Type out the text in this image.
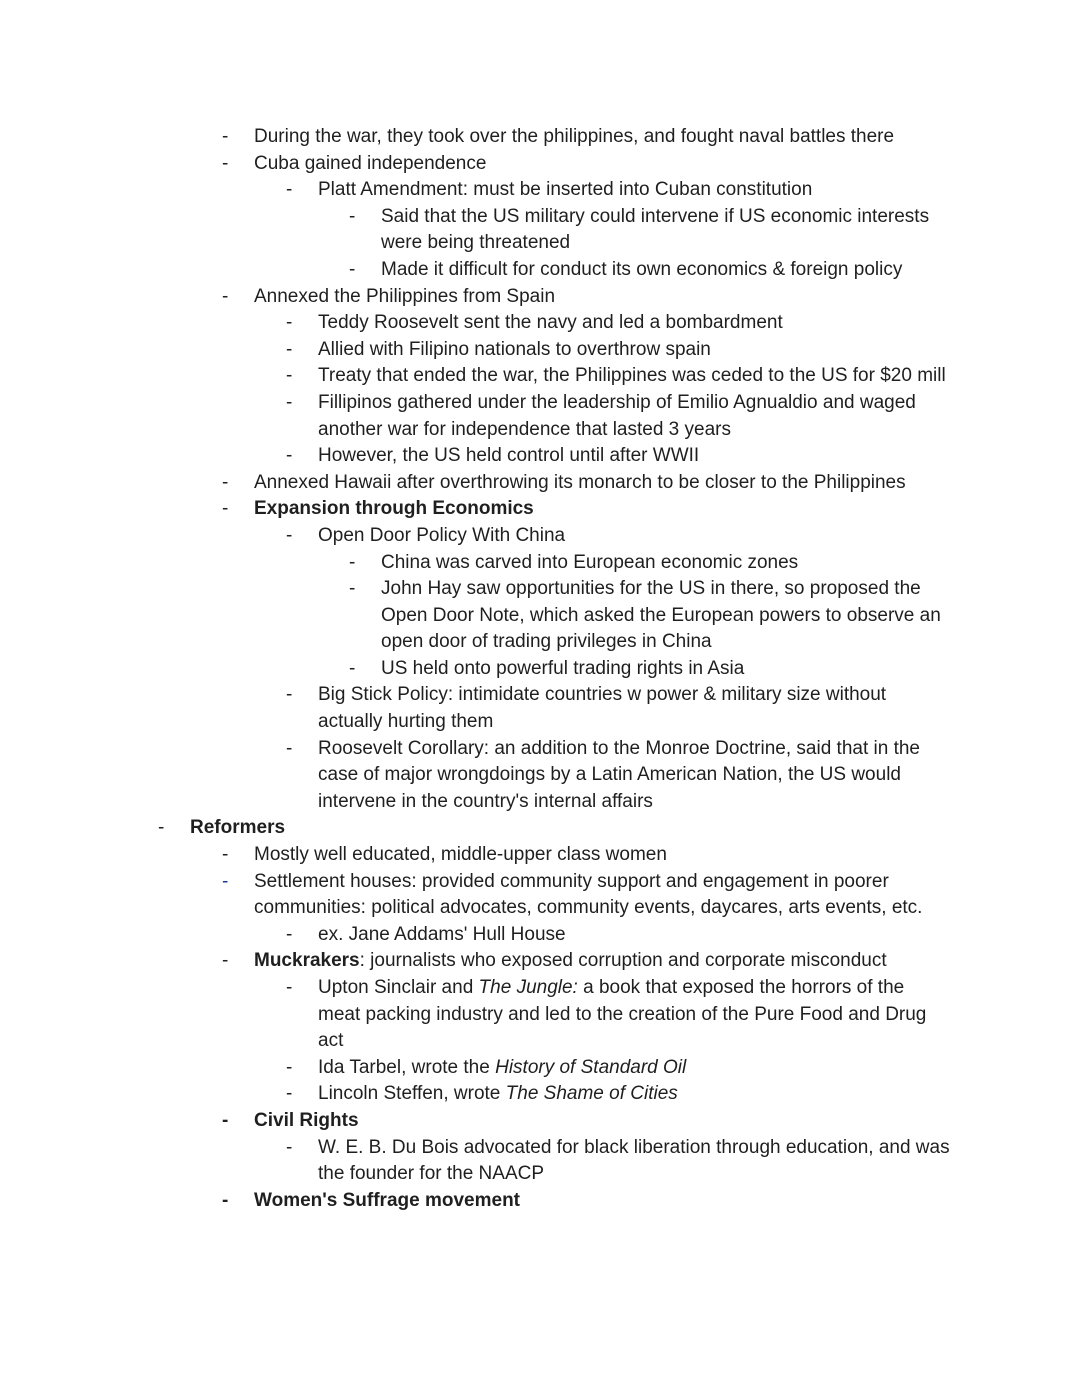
- During the war, they took over the philippines, and fought naval battles there
- Cuba gained independence
- Platt Amendment: must be inserted into Cuban constitution
- Said that the US military could intervene if US economic interests were being threatened
- Made it difficult for conduct its own economics & foreign policy
- Annexed the Philippines from Spain
- Teddy Roosevelt sent the navy and led a bombardment
- Allied with Filipino nationals to overthrow spain
- Treaty that ended the war, the Philippines was ceded to the US for $20 mill
- Fillipinos gathered under the leadership of Emilio Agnualdio and waged another war for independence that lasted 3 years
- However, the US held control until after WWII
- Annexed Hawaii after overthrowing its monarch to be closer to the Philippines
- Expansion through Economics
- Open Door Policy With China
- China was carved into European economic zones
- John Hay saw opportunities for the US in there, so proposed the Open Door Note, which asked the European powers to observe an open door of trading privileges in China
- US held onto powerful trading rights in Asia
- Big Stick Policy: intimidate countries w power & military size without actually hurting them
- Roosevelt Corollary: an addition to the Monroe Doctrine, said that in the case of major wrongdoings by a Latin American Nation, the US would intervene in the country's internal affairs
- Reformers
- Mostly well educated, middle-upper class women
- Settlement houses: provided community support and engagement in poorer communities: political advocates, community events, daycares, arts events, etc.
- ex. Jane Addams' Hull House
- Muckrakers: journalists who exposed corruption and corporate misconduct
- Upton Sinclair and The Jungle: a book that exposed the horrors of the meat packing industry and led to the creation of the Pure Food and Drug act
- Ida Tarbel, wrote the History of Standard Oil
- Lincoln Steffen, wrote The Shame of Cities
- Civil Rights
- W. E. B. Du Bois advocated for black liberation through education, and was the founder for the NAACP
- Women's Suffrage movement
